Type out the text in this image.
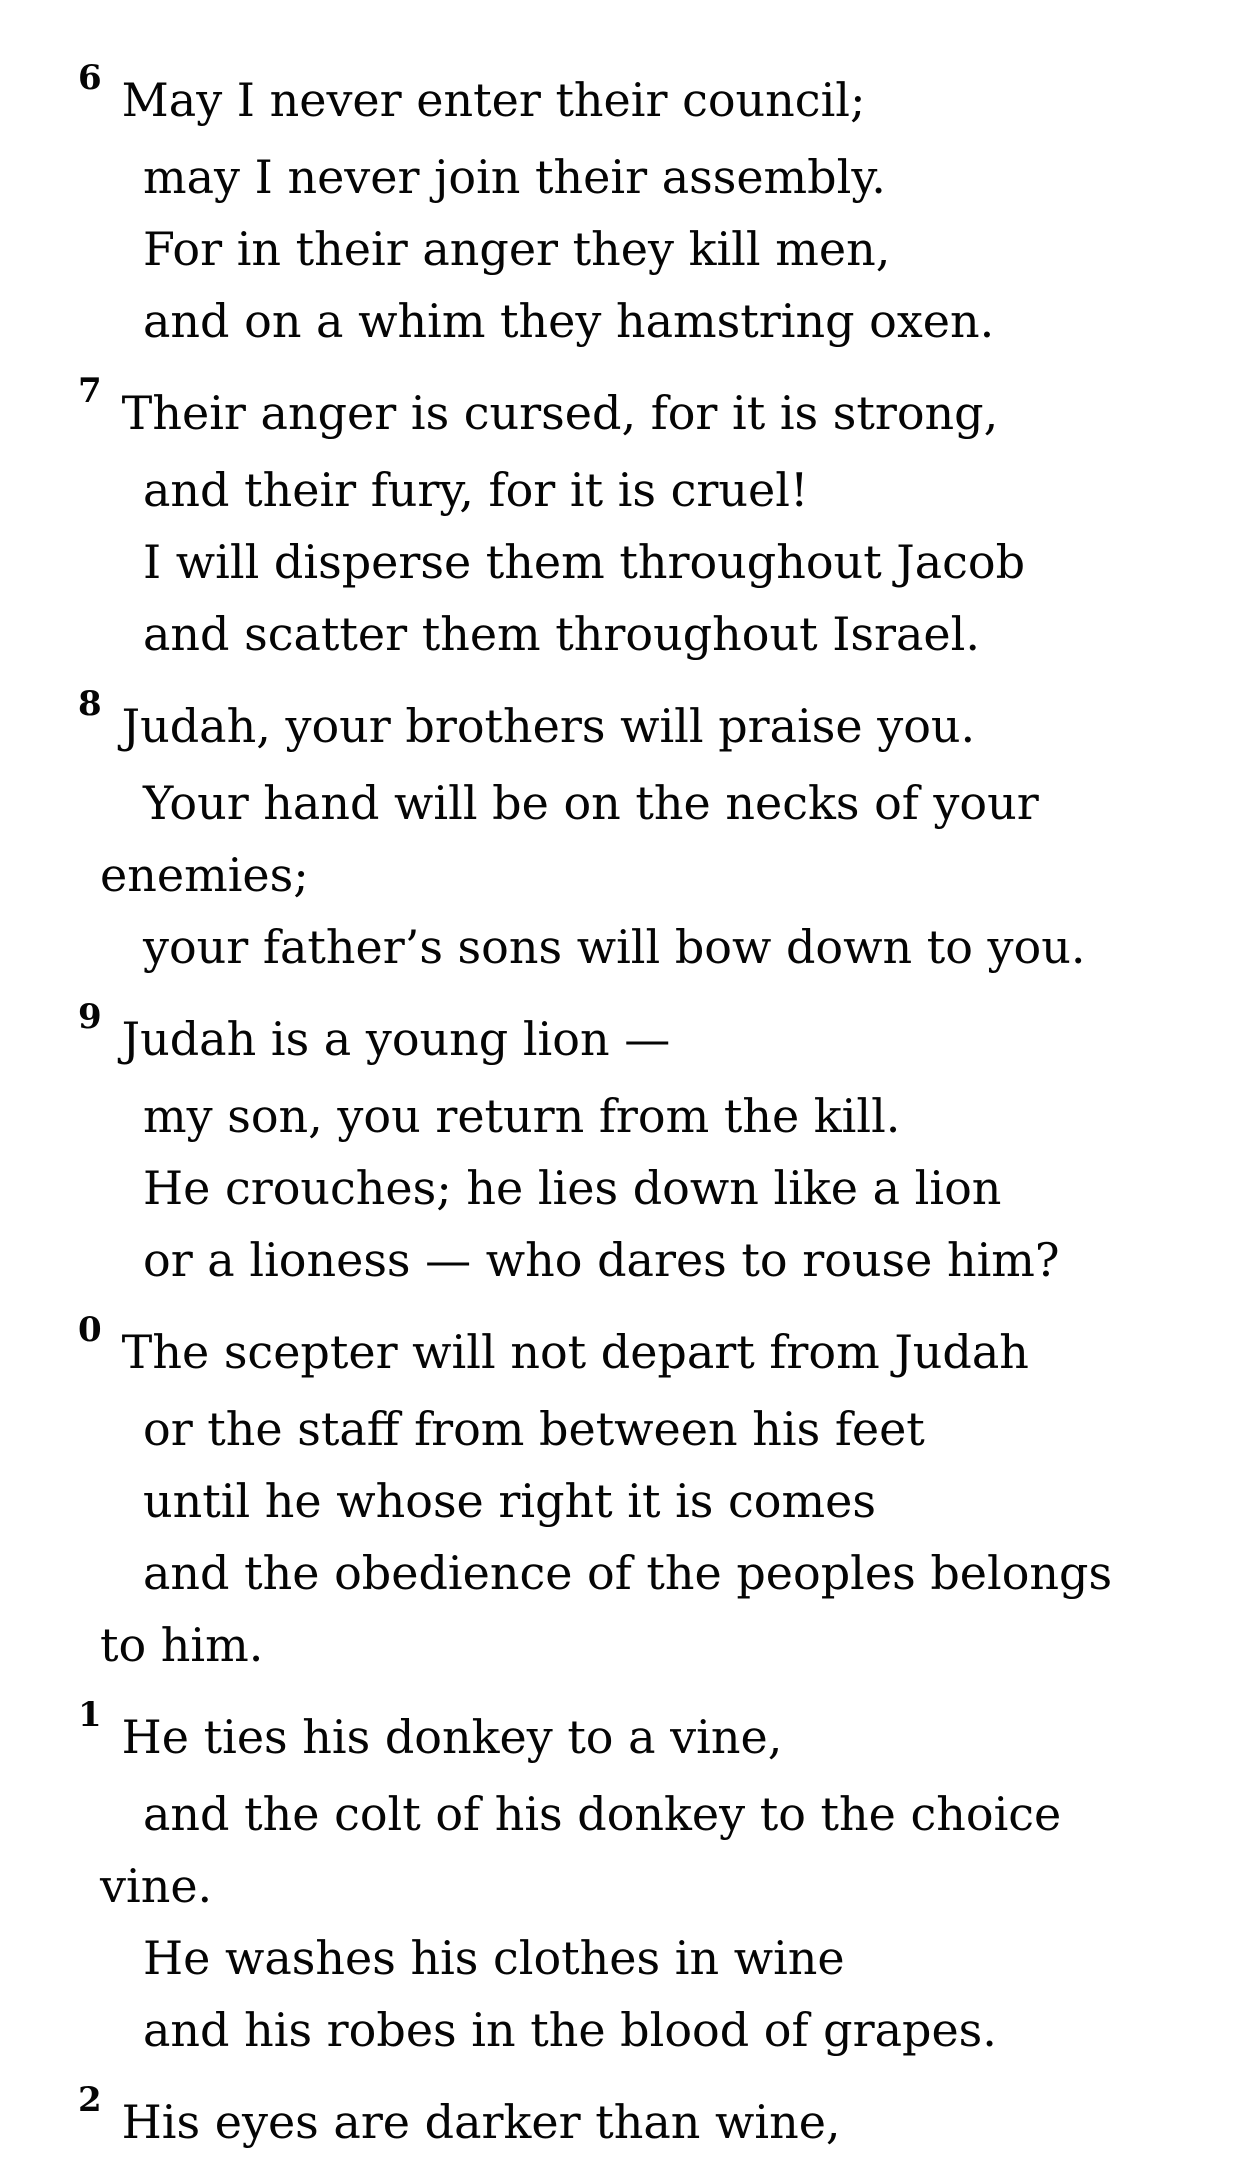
6 May I never enter their council;
may I never join their assembly.
For in their anger they kill men,
and on a whim they hamstring oxen.
7 Their anger is cursed, for it is strong,
and their fury, for it is cruel!
I will disperse them throughout Jacob
and scatter them throughout Israel.
8 Judah, your brothers will praise you.
Your hand will be on the necks of your
enemies;
your father’s sons will bow down to you.
9 Judah is a young lion —
my son, you return from the kill.
He crouches; he lies down like a lion
or a lioness — who dares to rouse him?
0 The scepter will not depart from Judah
or the staff from between his feet
until he whose right it is comes
and the obedience of the peoples belongs
to him.
1 He ties his donkey to a vine,
and the colt of his donkey to the choice
vine.
He washes his clothes in wine
and his robes in the blood of grapes.
2 His eyes are darker than wine,
